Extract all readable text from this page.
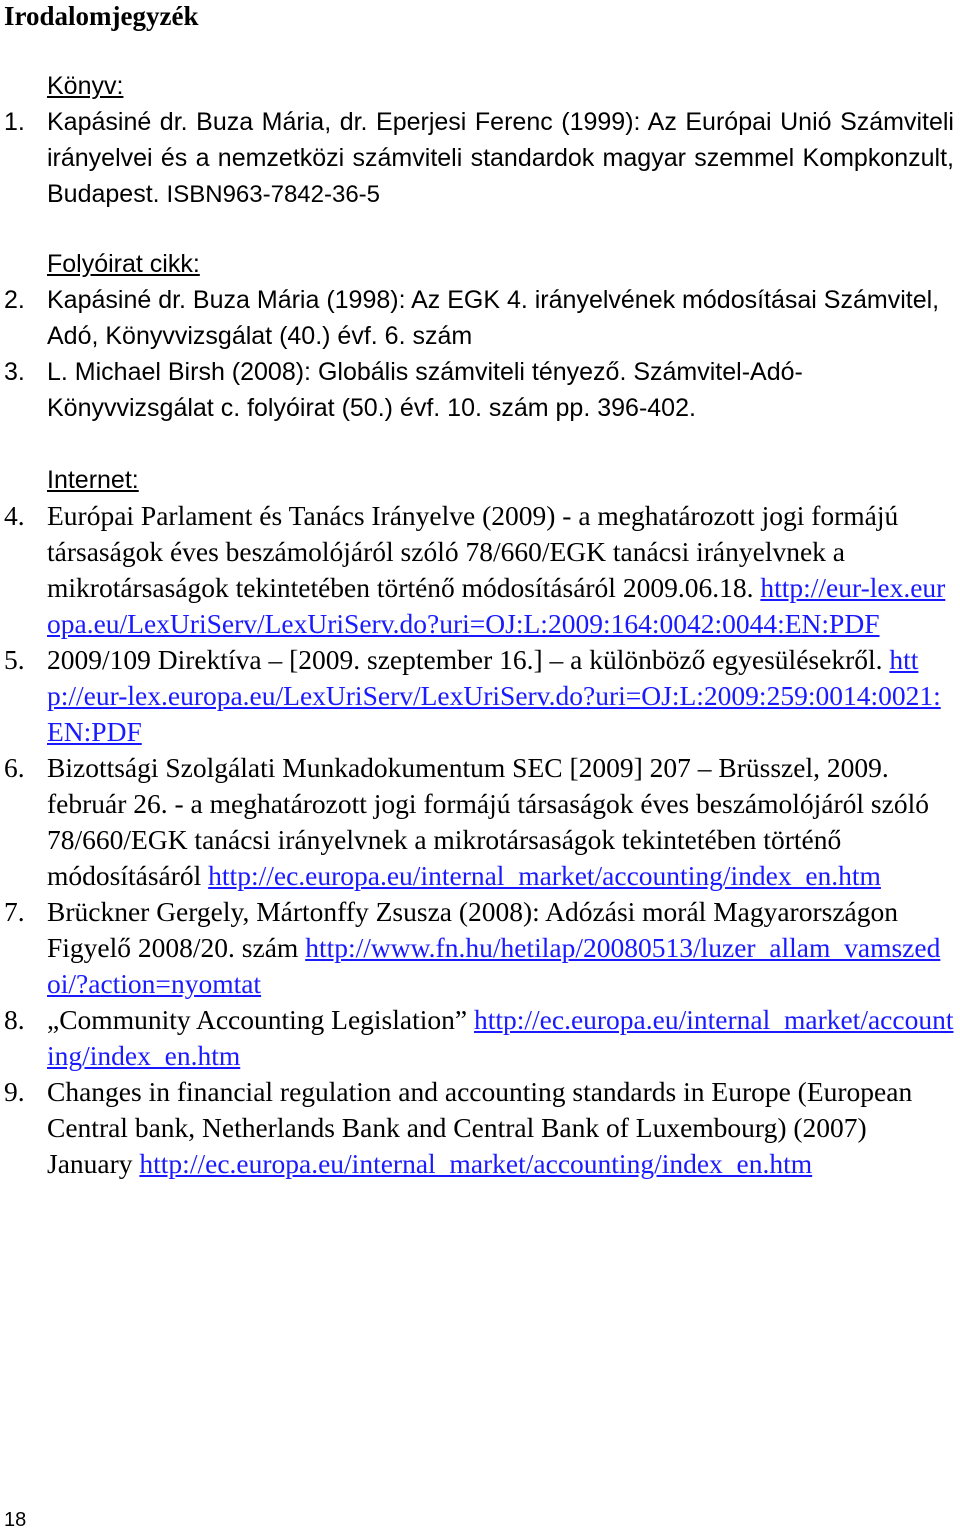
Irodalomjegyzék
Könyv:
1. Kapásiné dr. Buza Mária, dr. Eperjesi Ferenc (1999): Az Európai Unió Számviteli irányelvei és a nemzetközi számviteli standardok magyar szemmel Kompkonzult, Budapest. ISBN963-7842-36-5
Folyóirat cikk:
2. Kapásiné dr. Buza Mária (1998): Az EGK 4. irányelvének módosításai Számvitel, Adó, Könyvvizsgálat (40.) évf. 6. szám
3. L. Michael Birsh (2008): Globális számviteli tényező. Számvitel-Adó-Könyvvizsgálat c. folyóirat (50.) évf. 10. szám pp. 396-402.
Internet:
4. Európai Parlament és Tanács Irányelve (2009) - a meghatározott jogi formájú társaságok éves beszámolójáról szóló 78/660/EGK tanácsi irányelvnek a mikrotársaságok tekintetében történő módosításáról 2009.06.18. http://eur-lex.europa.eu/LexUriServ/LexUriServ.do?uri=OJ:L:2009:164:0042:0044:EN:PDF
5. 2009/109 Direktíva – [2009. szeptember 16.] – a különböző egyesülésekről. http://eur-lex.europa.eu/LexUriServ/LexUriServ.do?uri=OJ:L:2009:259:0014:0021:EN:PDF
6. Bizottsági Szolgálati Munkadokumentum SEC [2009] 207 – Brüsszel, 2009. február 26. - a meghatározott jogi formájú társaságok éves beszámolójáról szóló 78/660/EGK tanácsi irányelvnek a mikrotársaságok tekintetében történő módosításáról http://ec.europa.eu/internal_market/accounting/index_en.htm
7. Brückner Gergely, Mártonffy Zsusza (2008): Adózási morál Magyarországon Figyelő 2008/20. szám http://www.fn.hu/hetilap/20080513/luzer_allam_vamszedoi/?action=nyomtat
8. „Community Accounting Legislation” http://ec.europa.eu/internal_market/accounting/index_en.htm
9. Changes in financial regulation and accounting standards in Europe (European Central bank, Netherlands Bank and Central Bank of Luxembourg) (2007) January http://ec.europa.eu/internal_market/accounting/index_en.htm
18
